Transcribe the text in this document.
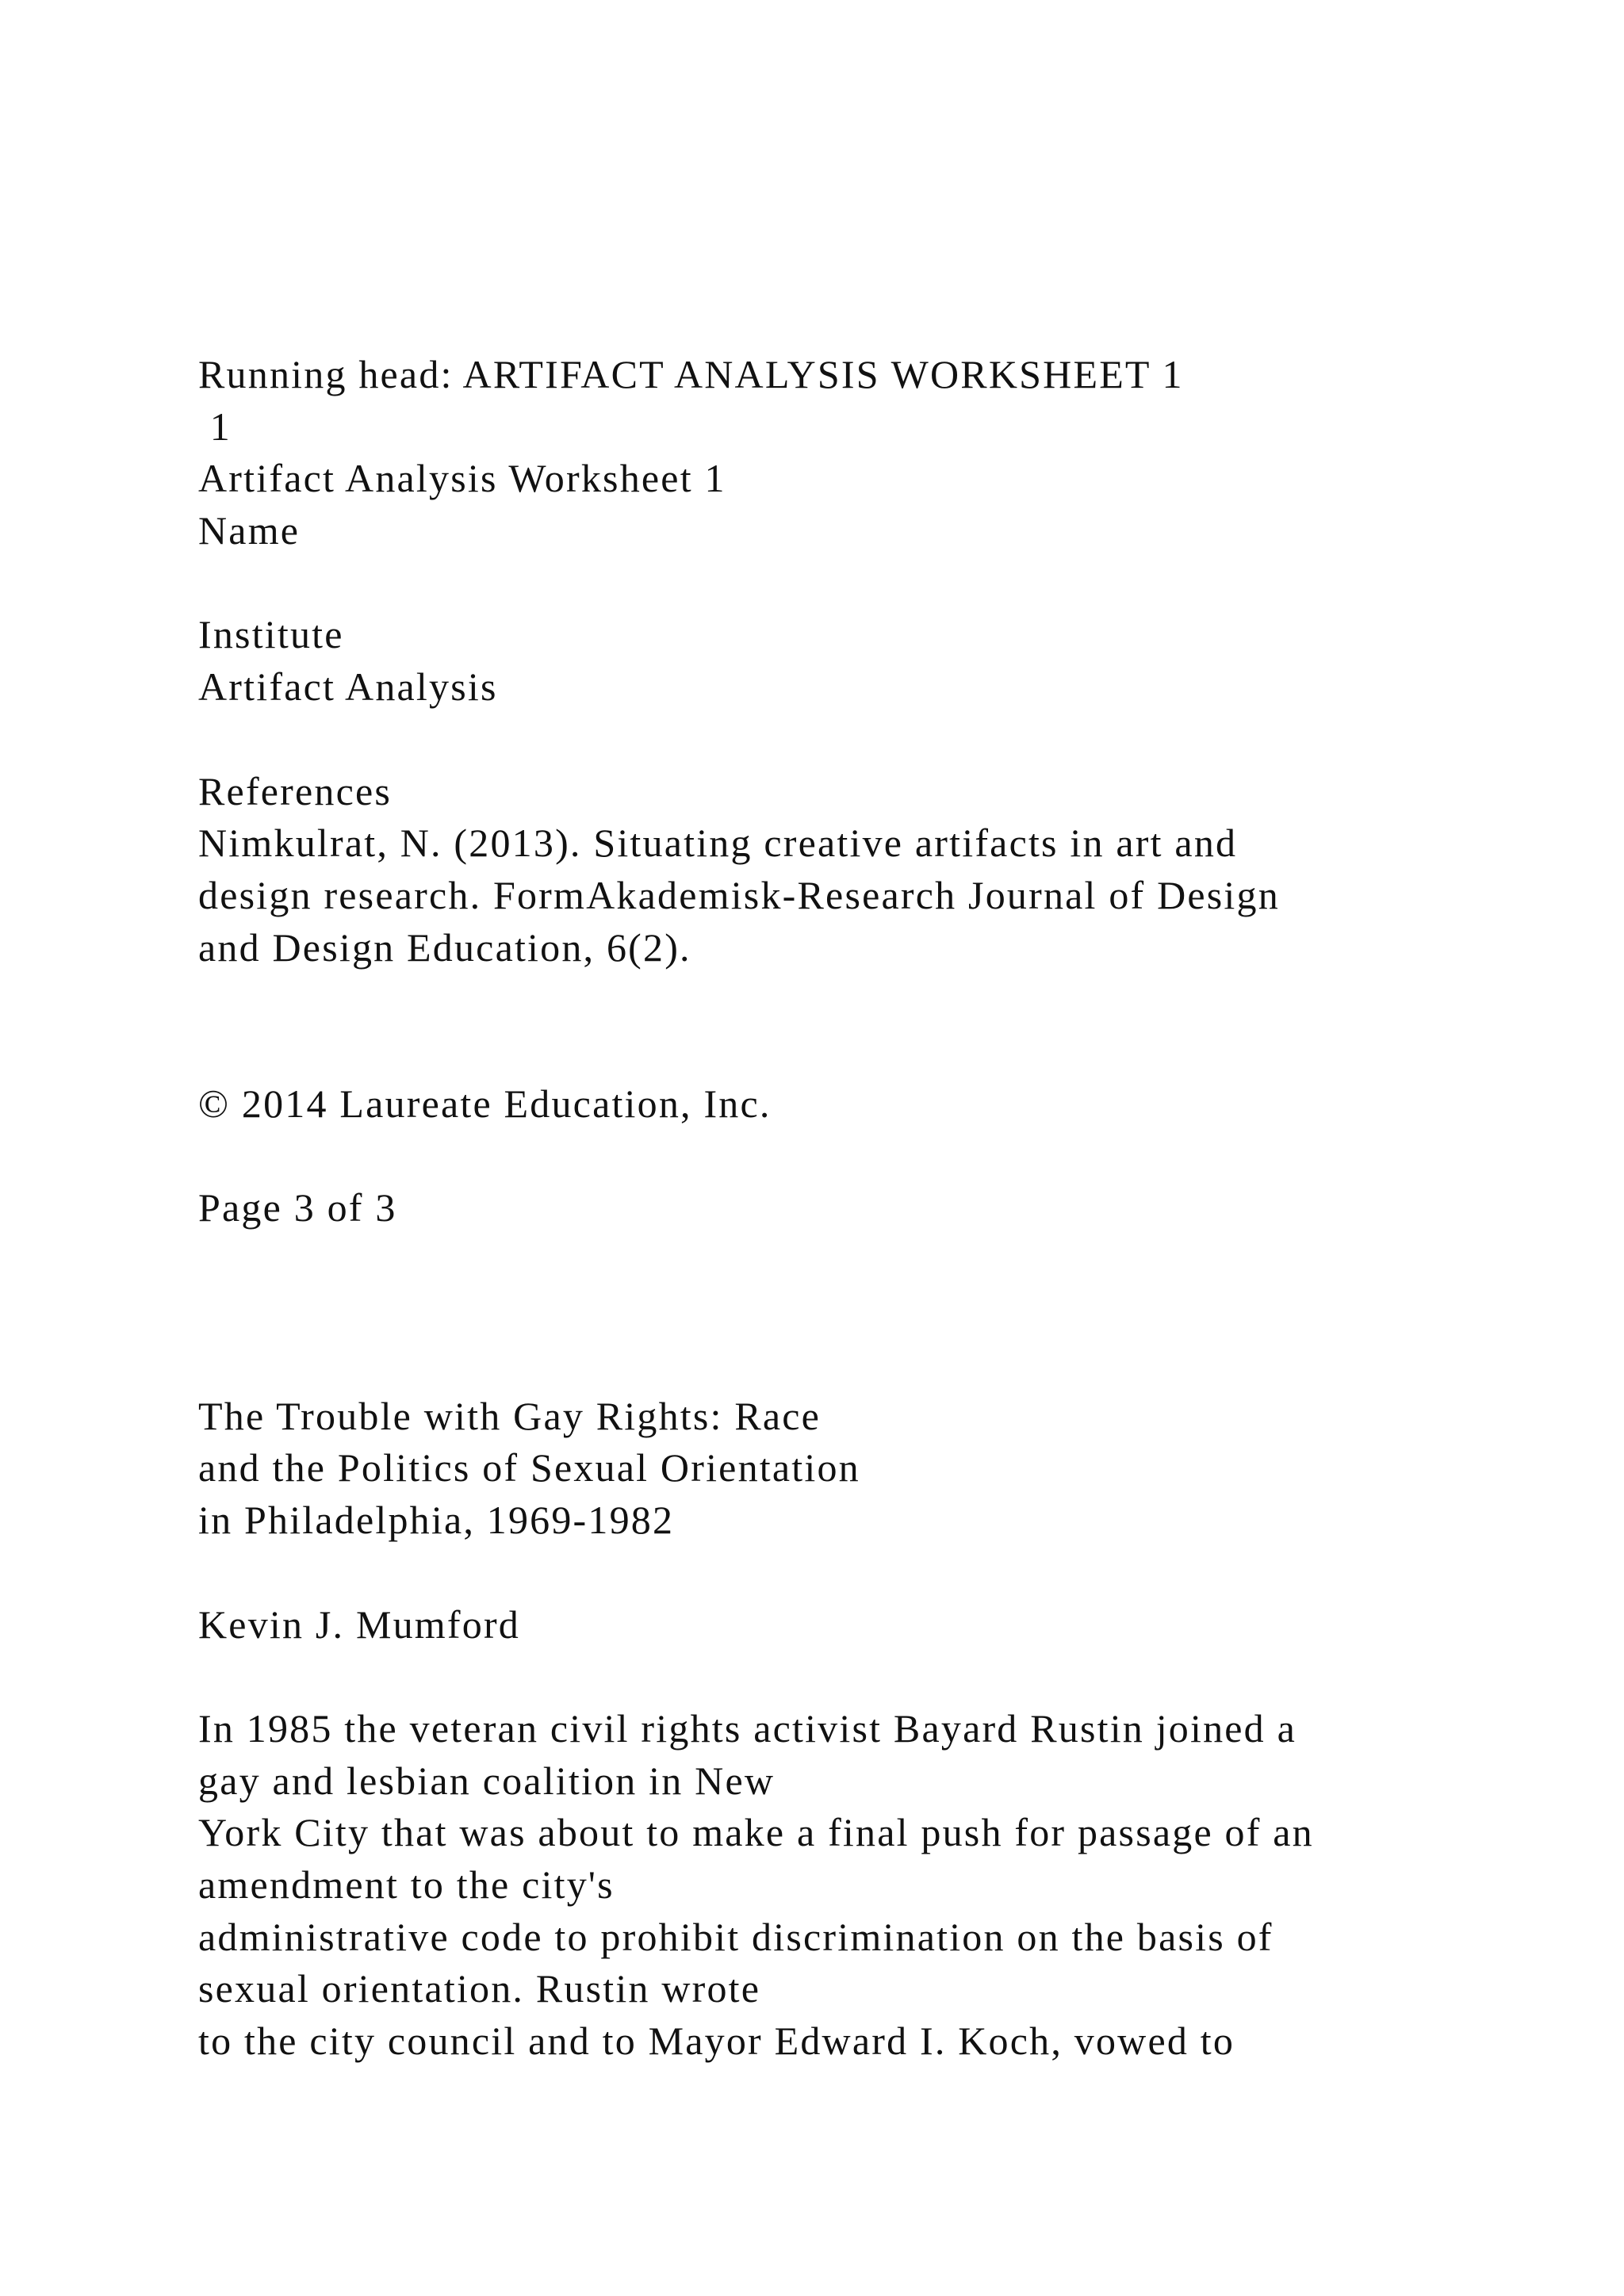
Running head: ARTIFACT ANALYSIS WORKSHEET 1
1
Artifact Analysis Worksheet 1
Name
Institute
Artifact Analysis
References
Nimkulrat, N. (2013). Situating creative artifacts in art and
design research. FormAkademisk-Research Journal of Design
and Design Education, 6(2).
© 2014 Laureate Education, Inc.
Page 3 of 3
The Trouble with Gay Rights: Race
and the Politics of Sexual Orientation
in Philadelphia, 1969-1982
Kevin J. Mumford
In 1985 the veteran civil rights activist Bayard Rustin joined a
gay and lesbian coalition in New
York City that was about to make a final push for passage of an
amendment to the city's
administrative code to prohibit discrimination on the basis of
sexual orientation. Rustin wrote
to the city council and to Mayor Edward I. Koch, vowed to
